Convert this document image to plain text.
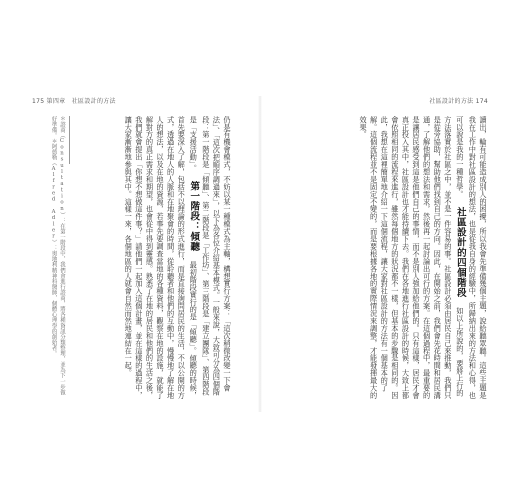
175 第四章　社區設計的方法
仍是有機會模式，不妨以某一種模式為主軸，構想實行方案：「這次稍微改變一下會法」、「這次把順序調過來」，以下為各位介紹基本模式。一般來說，大致可分為四個階段：第一階段是「傾聽」、第二階段是「工作坊」、第三階段是「建立團隊」、第四階段是「支援活動」。 第一階段：傾聽 最初階段實行的是「傾聽」。傾聽的時候，首先要深入了解，包括不以理論的形式進行，而是直接詢問居民的生活，不以公開的方式，透過在地人的人脈和在地聚會的時間，從聆聽者和他們的互動中，慢慢地了解在地人的想法，以及在地的資源，若事先要調查當地的各種資料，觀察在地的設施，就能了解對方的真正需求和期望，也會從中得到靈感。熟悉了在地的居民和他們的生活之後，我們就會提出「你想不想做這件事？」請他們一起加入這個計畫，並在這樣的過程中，讓大家漸漸地參與其中。這樣一來，各個地區的人就會自然而然地連結在一起。
＊諮商（Consultation）：在第一階段中，我們會進行諮商，將各種資訊分類整理，並為下一步做好準備。＊阿德勒（Alfred Adler）：奧地利精神科醫師，個體心理學的創始者。
社區設計的方法 174
讀出，輪有可能造成別人的困擾，所以我會先準備幾個主題，說給聽眾聽。這些主題是我在工作中對社區設計的想法，也是從我自身的經驗中，所歸納出來的方法和心得，也可以說是我的一種哲學。 社區設計的四個階段 如以上所說的，要將上行的方法落實於社區之中，並不是一件容易的事。社區設計必須由居民自己來推動，我們只是從旁協助，幫助他們找到自己的方向。因此，在開始之前，我們會先花時間和居民溝通，了解他們的想法和需求，然後再一起討論出可行的方案。在這個過程中，最重要的是讓居民感受到這是他們自己的事情，而不是別人強加給他們的。只有這樣，居民才會真正投入其中，社區設計也才能持續下去。我們在各地進行社區設計的時候，大致上都會依照相同的流程來進行，雖然每個地方的狀況都不一樣，但基本的步驟是相同的。因此，我想在這裡簡單地介紹一下這個流程，讓大家對社區設計的方法有一個基本的了解。這個流程並不是固定不變的，而是要根據各地的實際情況來調整，才能發揮最大的效果。
